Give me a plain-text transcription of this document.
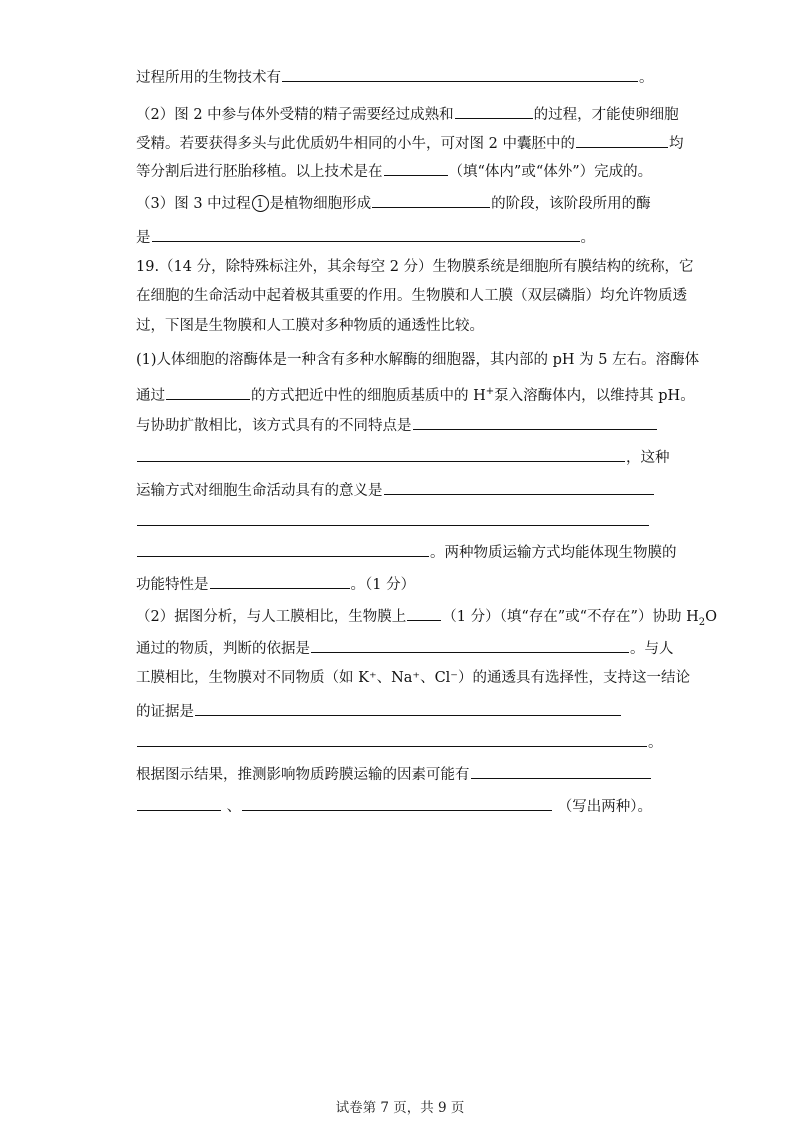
过程所用的生物技术有	。
（2）图 2 中参与体外受精的精子需要经过成熟和	的过程，才能使卵细胞
受精。若要获得多头与此优质奶牛相同的小牛，可对图 2 中囊胚中的	均
等分割后进行胚胎移植。以上技术是在	（填“体内”或“体外”）完成的。
（3）图 3 中过程 1 是植物细胞形成	的阶段，该阶段所用的酶
是	。
19.（14 分，除特殊标注外，其余每空 2 分）生物膜系统是细胞所有膜结构的统称，它
在细胞的生命活动中起着极其重要的作用。生物膜和人工膜（双层磷脂）均允许物质透
过，下图是生物膜和人工膜对多种物质的通透性比较。
(1)人体细胞的溶酶体是一种含有多种水解酶的细胞器，其内部的 pH 为 5 左右。溶酶体
通过	的方式把近中性的细胞质基质中的 H+泵入溶酶体内，以维持其 pH。
与协助扩散相比，该方式具有的不同特点是
，这种
运输方式对细胞生命活动具有的意义是
。两种物质运输方式均能体现生物膜的
功能特性是	。（1 分）
（2）据图分析，与人工膜相比，生物膜上 （1 分）（填“存在”或“不存在”）协助 $H_2O$
通过的物质，判断的依据是	。与人
工膜相比，生物膜对不同物质（如 K⁺、Na⁺、Cl⁻）的通透具有选择性，支持这一结论
的证据是
。
根据图示结果，推测影响物质跨膜运输的因素可能有
、	（写出两种）。
试卷第 7 页，共 9 页
